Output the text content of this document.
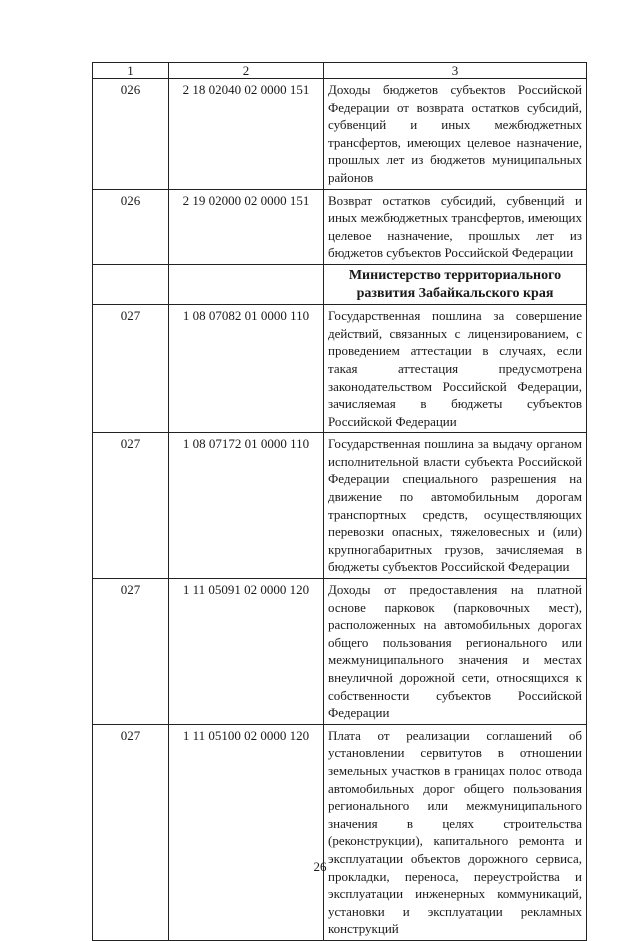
1	2	3
026	2 18 02040 02 0000 151	Доходы бюджетов субъектов Российской Федерации от возврата остатков субсидий, субвенций и иных межбюджетных трансфертов, имеющих целевое назначение, прошлых лет из бюджетов муниципальных районов
026	2 19 02000 02 0000 151	Возврат остатков субсидий, субвенций и иных межбюджетных трансфертов, имеющих целевое назначение, прошлых лет из бюджетов субъектов Российской Федерации
		Министерство территориального развития Забайкальского края
027	1 08 07082 01 0000 110	Государственная пошлина за совершение действий, связанных с лицензированием, с проведением аттестации в случаях, если такая аттестация предусмотрена законодательством Российской Федерации, зачисляемая в бюджеты субъектов Российской Федерации
027	1 08 07172 01 0000 110	Государственная пошлина за выдачу органом исполнительной власти субъекта Российской Федерации специального разрешения на движение по автомобильным дорогам транспортных средств, осуществляющих перевозки опасных, тяжеловесных и (или) крупногабаритных грузов, зачисляемая в бюджеты субъектов Российской Федерации
027	1 11 05091 02 0000 120	Доходы от предоставления на платной основе парковок (парковочных мест), расположенных на автомобильных дорогах общего пользования регионального или межмуниципального значения и местах внеуличной дорожной сети, относящихся к собственности субъектов Российской Федерации
027	1 11 05100 02 0000 120	Плата от реализации соглашений об установлении сервитутов в отношении земельных участков в границах полос отвода автомобильных дорог общего пользования регионального или межмуниципального значения в целях строительства (реконструкции), капитального ремонта и эксплуатации объектов дорожного сервиса, прокладки, переноса, переустройства и эксплуатации инженерных коммуникаций, установки и эксплуатации рекламных конструкций
26
